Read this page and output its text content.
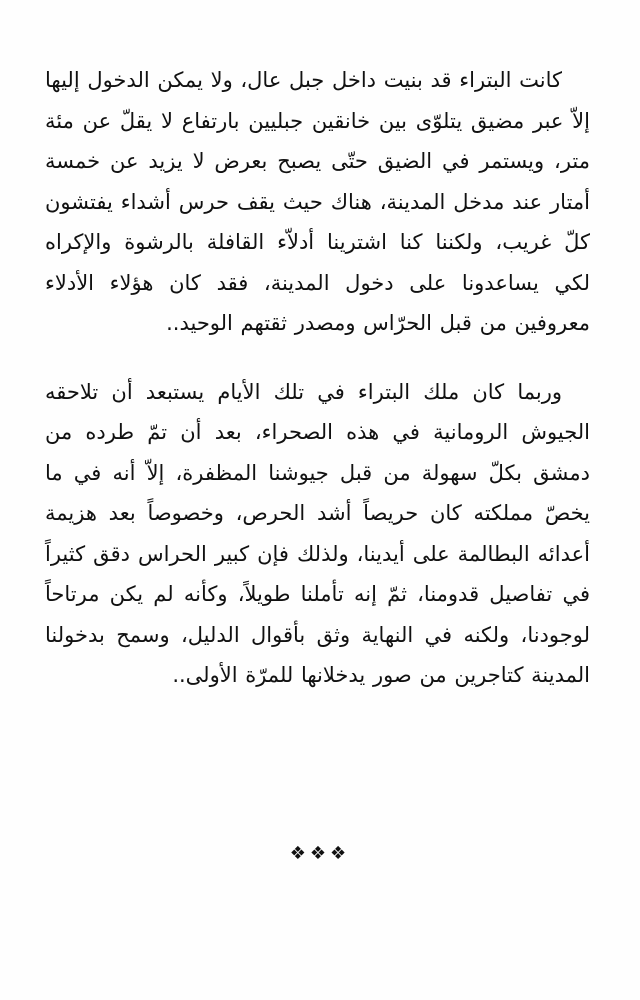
كانت البتراء قد بنيت داخل جبل عال، ولا يمكن الدخول إليها إلاّ عبر مضيق يتلوّى بين خانقين جبليين بارتفاع لا يقلّ عن مئة متر، ويستمر في الضيق حتّى يصبح بعرض لا يزيد عن خمسة أمتار عند مدخل المدينة، هناك حيث يقف حرس أشداء يفتشون كلّ غريب، ولكننا كنا اشترينا أدلاّء القافلة بالرشوة والإكراه لكي يساعدونا على دخول المدينة، فقد كان هؤلاء الأدلاء معروفين من قبل الحرّاس ومصدر ثقتهم الوحيد..

وربما كان ملك البتراء في تلك الأيام يستبعد أن تلاحقه الجيوش الرومانية في هذه الصحراء، بعد أن تمّ طرده من دمشق بكلّ سهولة من قبل جيوشنا المظفرة، إلاّ أنه في ما يخصّ مملكته كان حريصاً أشد الحرص، وخصوصاً بعد هزيمة أعدائه البطالمة على أيدينا، ولذلك فإن كبير الحراس دقق كثيراً في تفاصيل قدومنا، ثمّ إنه تأملنا طويلاً، وكأنه لم يكن مرتاحاً لوجودنا، ولكنه في النهاية وثق بأقوال الدليل، وسمح بدخولنا المدينة كتاجرين من صور يدخلانها للمرّة الأولى..

❖❖❖
